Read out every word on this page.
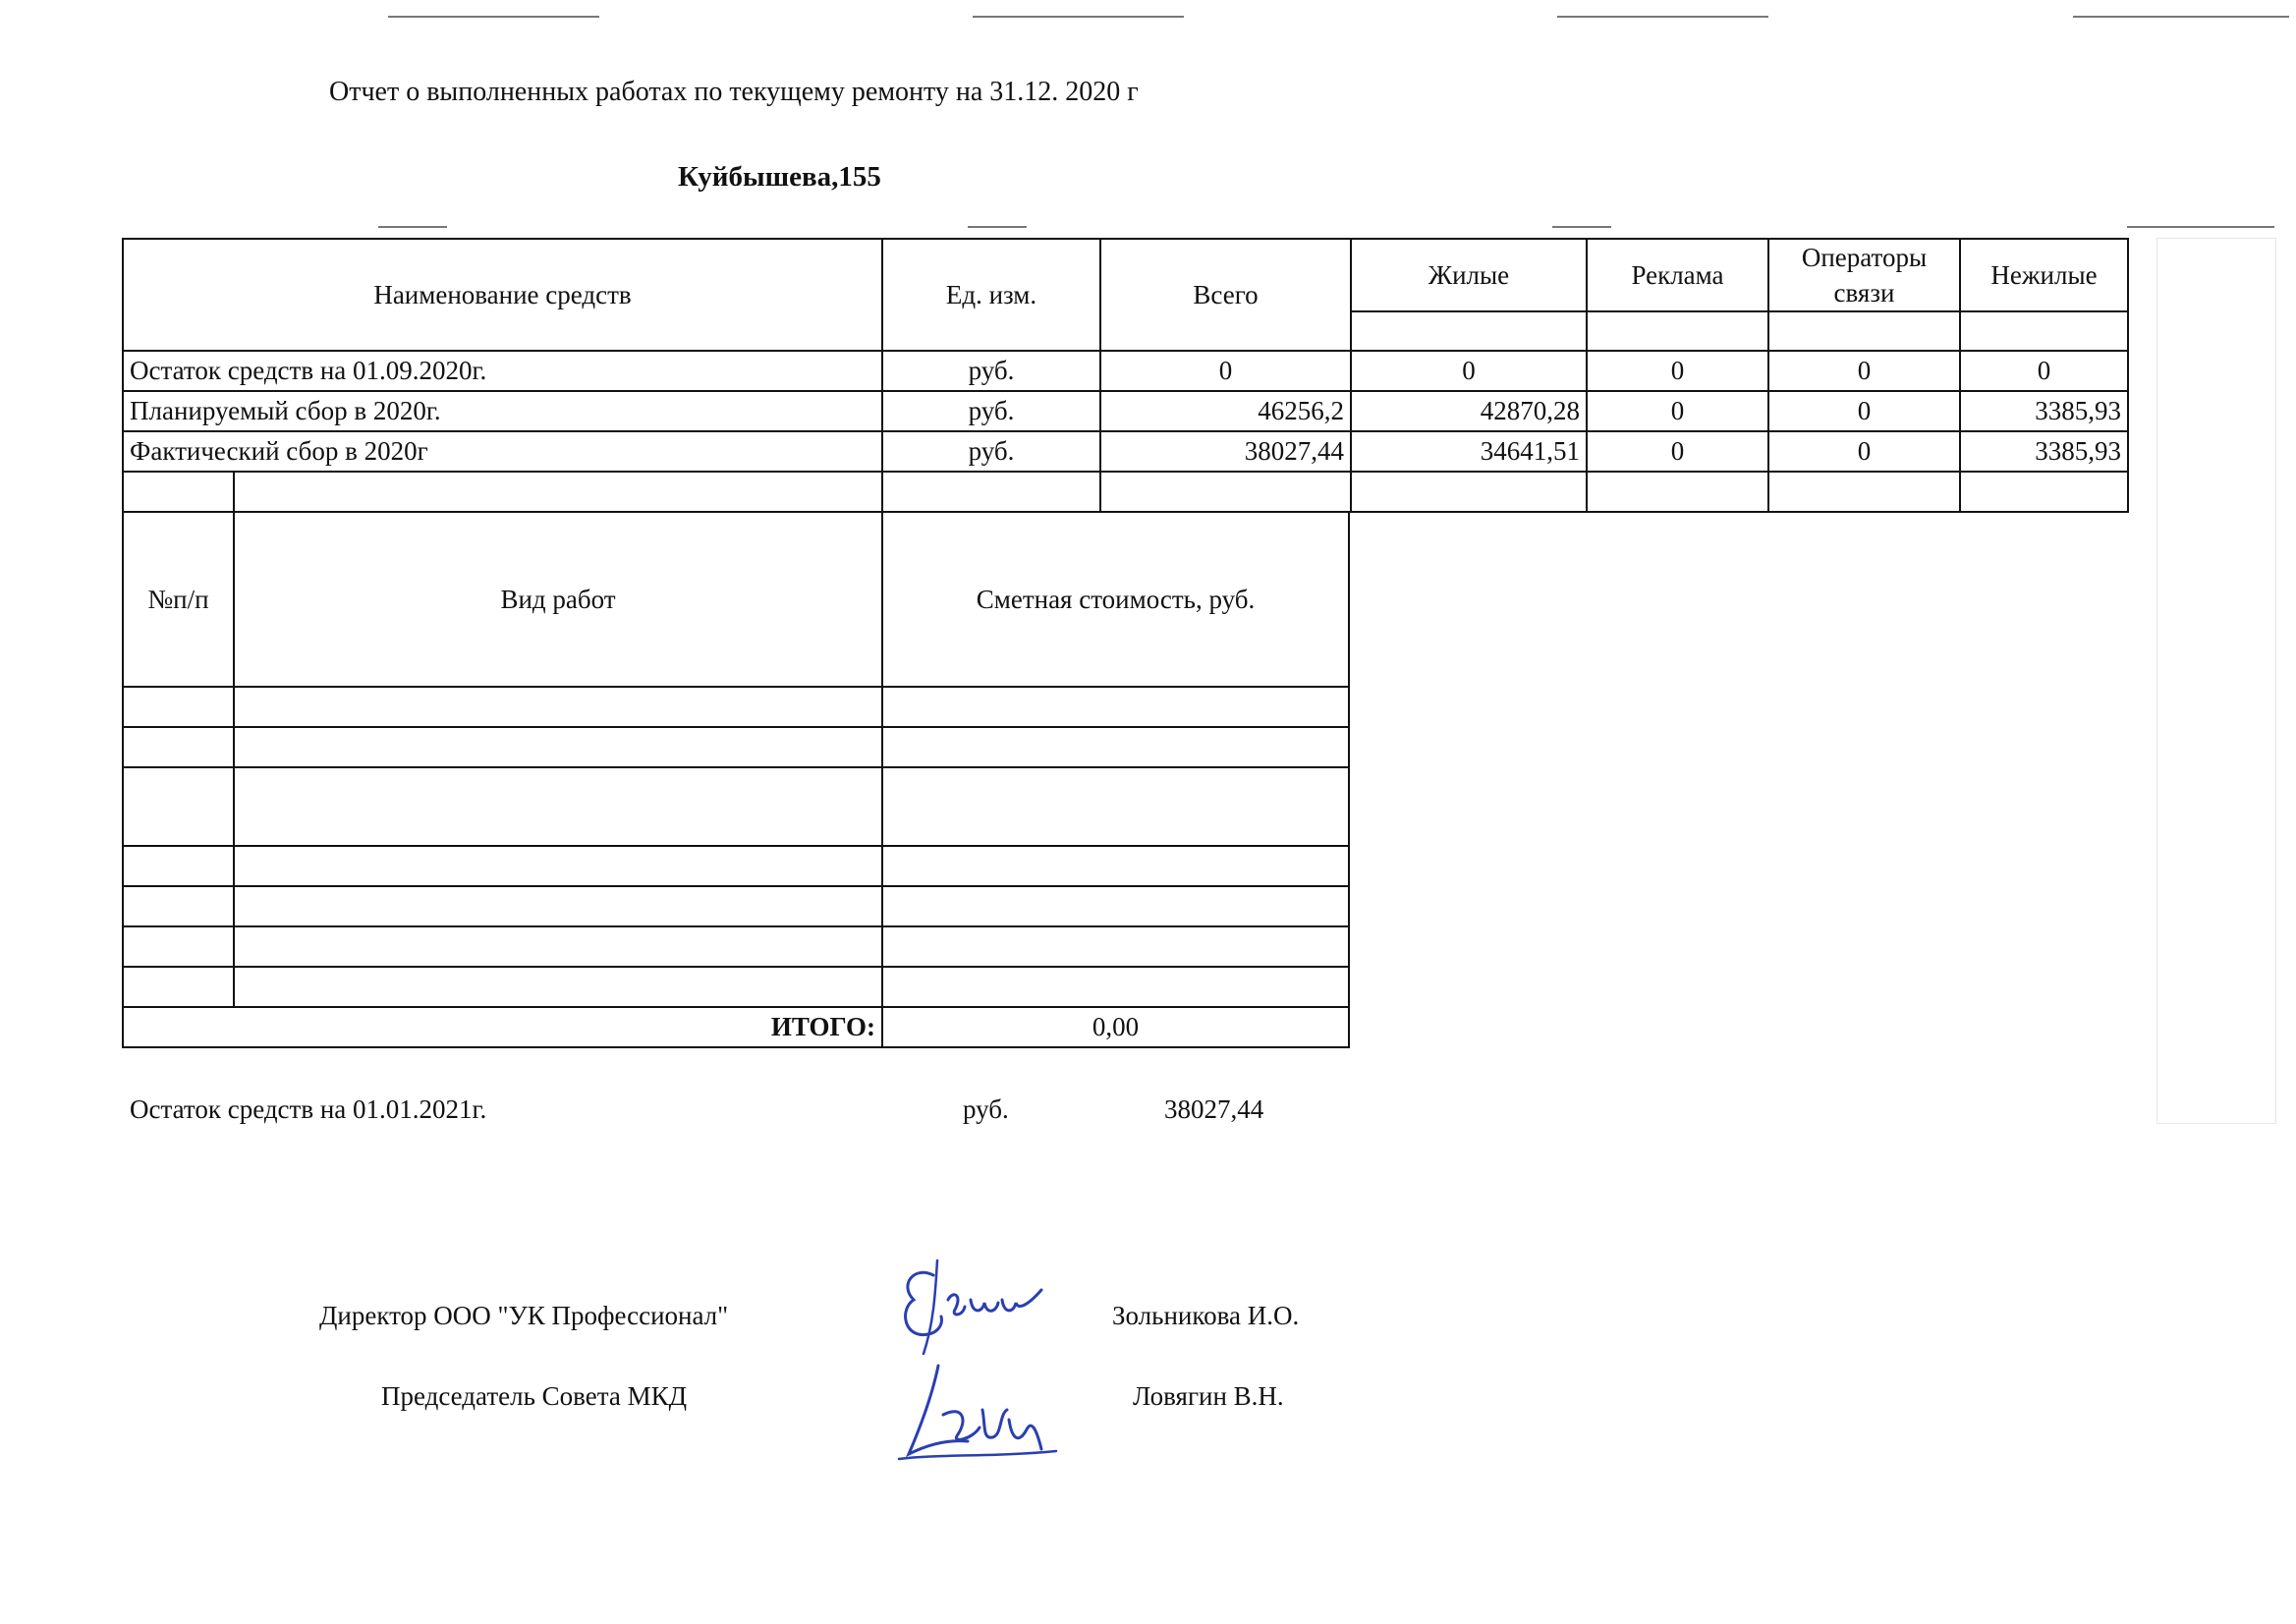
Отчет о выполненных работах по текущему ремонту на 31.12. 2020 г
Куйбышева,155
Наименование средств		Ед. изм.	Всего	Жилые	Реклама	Операторы связи	Нежилые

Остаток средств на 01.09.2020г.		руб.	0	0	0	0	0
Планируемый сбор в 2020г.		руб.	46256,2	42870,28	0	0	3385,93
Фактический сбор в 2020г		руб.	38027,44	34641,51	0	0	3385,93

№п/п	Вид работ	Сметная стоимость, руб.

ИТОГО:		0,00
Остаток средств на 01.01.2021г.	руб.	38027,44
Директор ООО "УК Профессионал"	Зольникова И.О.
Председатель Совета МКД	Ловягин В.Н.
